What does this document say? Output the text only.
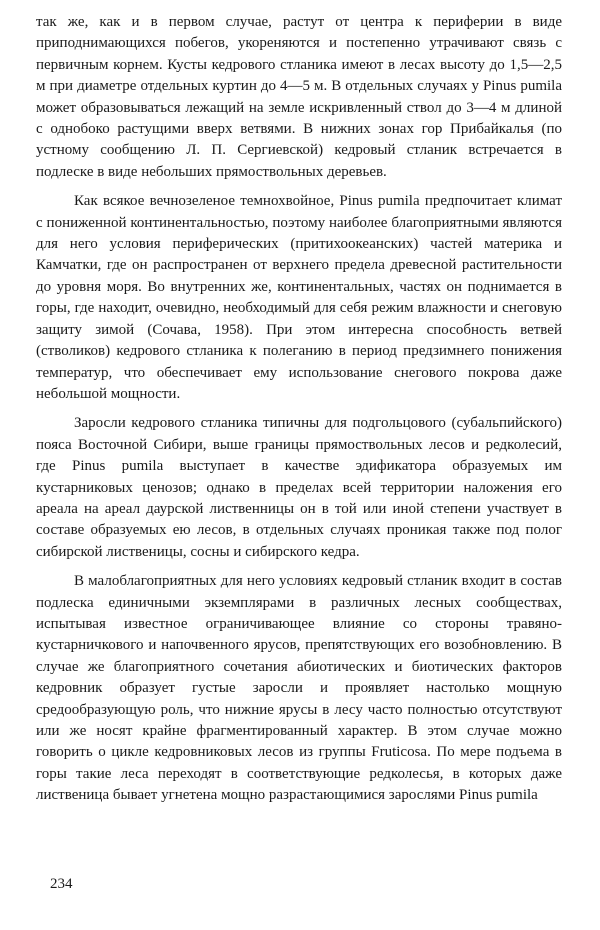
так же, как и в первом случае, растут от центра к периферии в виде приподнимающихся побегов, укореняются и постепенно утрачивают связь с первичным корнем. Кусты кедрового стланика имеют в лесах высоту до 1,5—2,5 м при диаметре отдельных куртин до 4—5 м. В отдельных случаях у Pinus pumila может образовываться лежащий на земле искривленный ствол до 3—4 м длиной с однобоко растущими вверх ветвями. В нижних зонах гор Прибайкалья (по устному сообщению Л. П. Сергиевской) кедровый стланик встречается в подлеске в виде небольших прямоствольных деревьев.

Как всякое вечнозеленое темнохвойное, Pinus pumila предпочитает климат с пониженной континентальностью, поэтому наиболее благоприятными являются для него условия периферических (притихоокеанских) частей материка и Камчатки, где он распространен от верхнего предела древесной растительности до уровня моря. Во внутренних же, континентальных, частях он поднимается в горы, где находит, очевидно, необходимый для себя режим влажности и снеговую защиту зимой (Сочава, 1958). При этом интересна способность ветвей (стволиков) кедрового стланика к полеганию в период предзимнего понижения температур, что обеспечивает ему использование снегового покрова даже небольшой мощности.

Заросли кедрового стланика типичны для подгольцового (субальпийского) пояса Восточной Сибири, выше границы прямоствольных лесов и редколесий, где Pinus pumila выступает в качестве эдификатора образуемых им кустарниковых ценозов; однако в пределах всей территории наложения его ареала на ареал даурской лиственницы он в той или иной степени участвует в составе образуемых ею лесов, в отдельных случаях проникая также под полог сибирской лиственицы, сосны и сибирского кедра.

В малоблагоприятных для него условиях кедровый стланик входит в состав подлеска единичными экземплярами в различных лесных сообществах, испытывая известное ограничивающее влияние со стороны травяно-кустарничкового и напочвенного ярусов, препятствующих его возобновлению. В случае же благоприятного сочетания абиотических и биотических факторов кедровник образует густые заросли и проявляет настолько мощную средообразующую роль, что нижние ярусы в лесу часто полностью отсутствуют или же носят крайне фрагментированный характер. В этом случае можно говорить о цикле кедровниковых лесов из группы Fruticosa. По мере подъема в горы такие леса переходят в соответствующие редколесья, в которых даже лиственица бывает угнетена мощно разрастающимися зарослями Pinus pumila

234
